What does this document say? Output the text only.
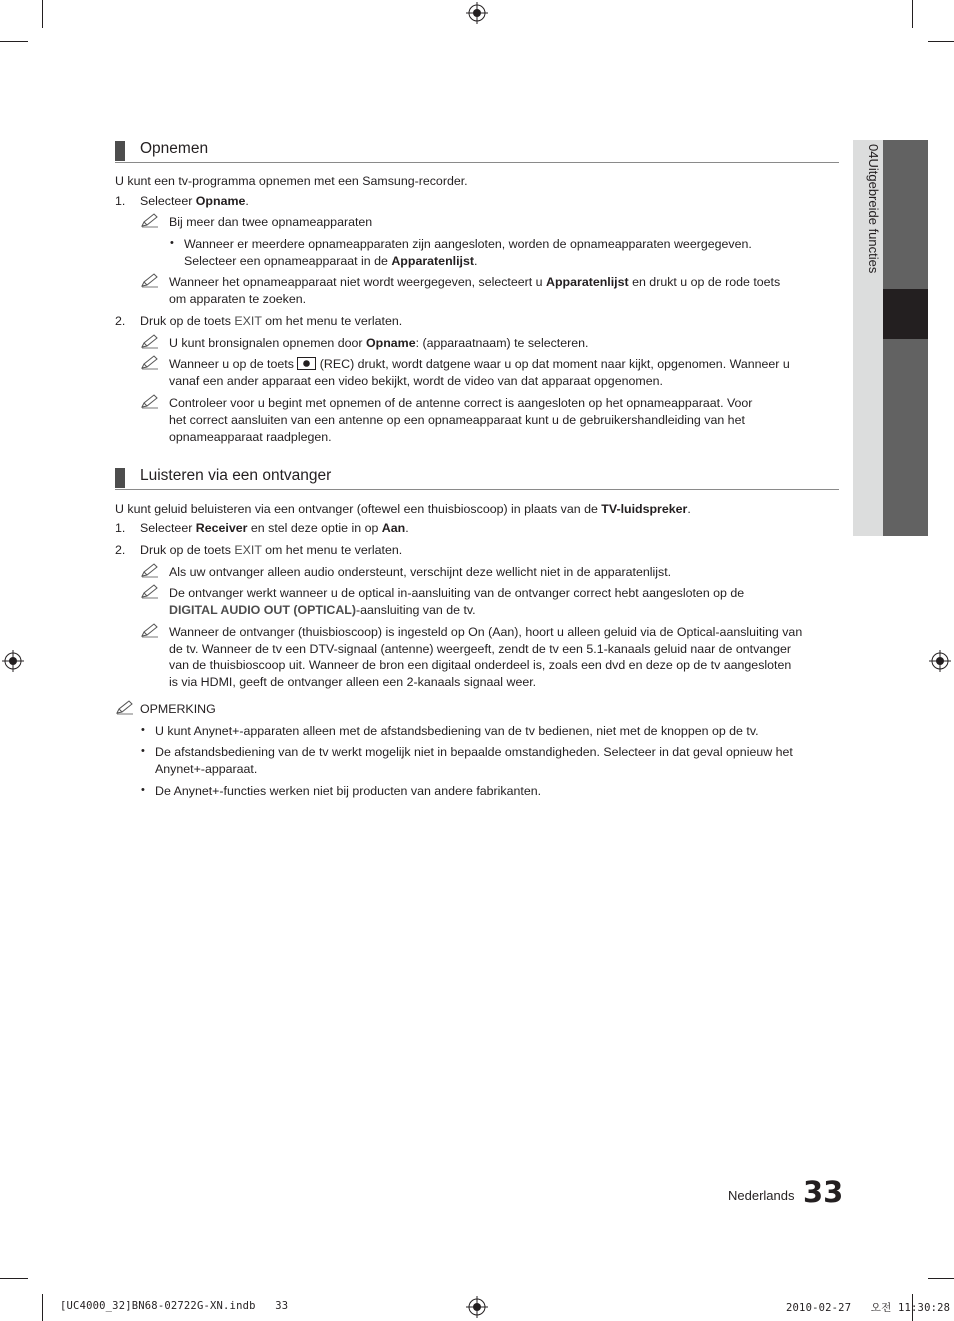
04Uitgebreide functies
Opnemen
U kunt een tv-programma opnemen met een Samsung-recorder.
1. Selecteer Opname.
Bij meer dan twee opnameapparaten
• Wanneer er meerdere opnameapparaten zijn aangesloten, worden de opnameapparaten weergegeven.
Selecteer een opnameapparaat in de Apparatenlijst.
Wanneer het opnameapparaat niet wordt weergegeven, selecteert u Apparatenlijst en drukt u op de rode toets
om apparaten te zoeken.
2. Druk op de toets EXIT om het menu te verlaten.
U kunt bronsignalen opnemen door Opname: (apparaatnaam) te selecteren.
Wanneer u op de toets  (REC) drukt, wordt datgene waar u op dat moment naar kijkt, opgenomen. Wanneer u
vanaf een ander apparaat een video bekijkt, wordt de video van dat apparaat opgenomen.
Controleer voor u begint met opnemen of de antenne correct is aangesloten op het opnameapparaat. Voor
het correct aansluiten van een antenne op een opnameapparaat kunt u de gebruikershandleiding van het
opnameapparaat raadplegen.
Luisteren via een ontvanger
U kunt geluid beluisteren via een ontvanger (oftewel een thuisbioscoop) in plaats van de TV-luidspreker.
1. Selecteer Receiver en stel deze optie in op Aan.
2. Druk op de toets EXIT om het menu te verlaten.
Als uw ontvanger alleen audio ondersteunt, verschijnt deze wellicht niet in de apparatenlijst.
De ontvanger werkt wanneer u de optical in-aansluiting van de ontvanger correct hebt aangesloten op de
DIGITAL AUDIO OUT (OPTICAL)-aansluiting van de tv.
Wanneer de ontvanger (thuisbioscoop) is ingesteld op On (Aan), hoort u alleen geluid via de Optical-aansluiting van
de tv. Wanneer de tv een DTV-signaal (antenne) weergeeft, zendt de tv een 5.1-kanaals geluid naar de ontvanger
van de thuisbioscoop uit. Wanneer de bron een digitaal onderdeel is, zoals een dvd en deze op de tv aangesloten
is via HDMI, geeft de ontvanger alleen een 2-kanaals signaal weer.
OPMERKING
• U kunt Anynet+-apparaten alleen met de afstandsbediening van de tv bedienen, niet met de knoppen op de tv.
• De afstandsbediening van de tv werkt mogelijk niet in bepaalde omstandigheden. Selecteer in dat geval opnieuw het
Anynet+-apparaat.
• De Anynet+-functies werken niet bij producten van andere fabrikanten.
Nederlands 33
[UC4000_32]BN68-02722G-XN.indb   33	2010-02-27   오전 11:30:28
